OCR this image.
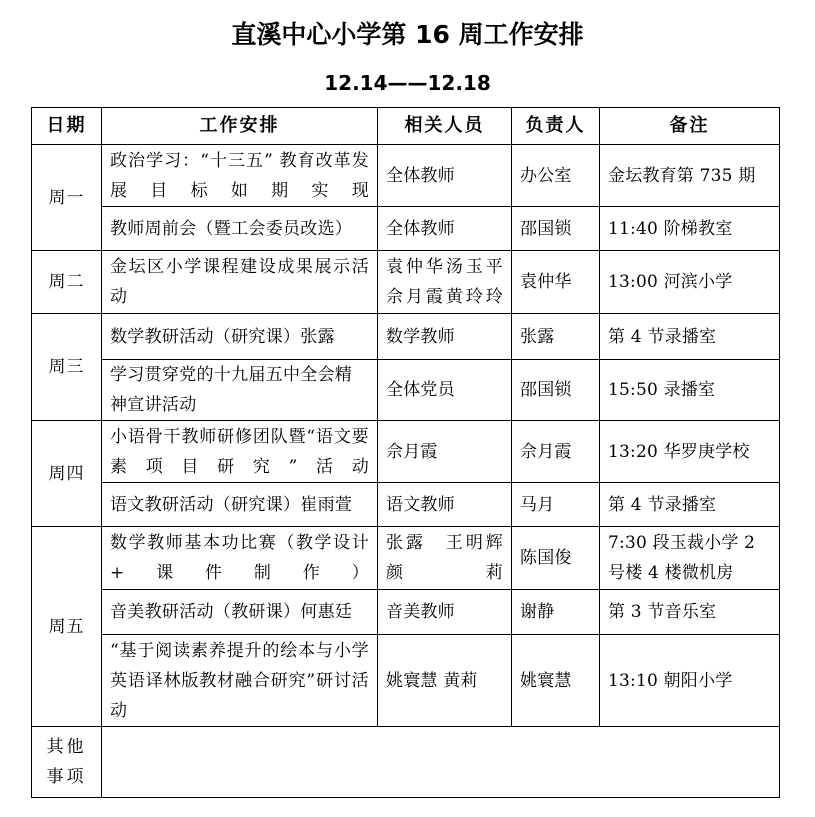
直溪中心小学第 16 周工作安排
12.14——12.18
日期	工作安排	相关人员	负责人	备注
周一	政治学习：“十三五” 教育改革发展目标如期实现	全体教师	办公室	金坛教育第 735 期
	教师周前会（暨工会委员改选）	全体教师	邵国锁	11:40 阶梯教室
周二	金坛区小学课程建设成果展示活动	袁仲华汤玉平佘月霞黄玲玲	袁仲华	13:00 河滨小学
周三	数学教研活动（研究课）张露	数学教师	张露	第 4 节录播室
	学习贯穿党的十九届五中全会精神宣讲活动	全体党员	邵国锁	15:50 录播室
周四	小语骨干教师研修团队暨“语文要素项目研究”活动	佘月霞	佘月霞	13:20 华罗庚学校
	语文教研活动（研究课）崔雨萱	语文教师	马月	第 4 节录播室
周五	数学教师基本功比赛（教学设计+课件制作）	张露　王明辉颜莉	陈国俊	7:30 段玉裁小学 2 号楼 4 楼微机房
	音美教研活动（教研课）何惠廷	音美教师	谢静	第 3 节音乐室
	“基于阅读素养提升的绘本与小学英语译林版教材融合研究”研讨活动	姚寰慧 黄莉	姚寰慧	13:10 朝阳小学
其他
事项				
